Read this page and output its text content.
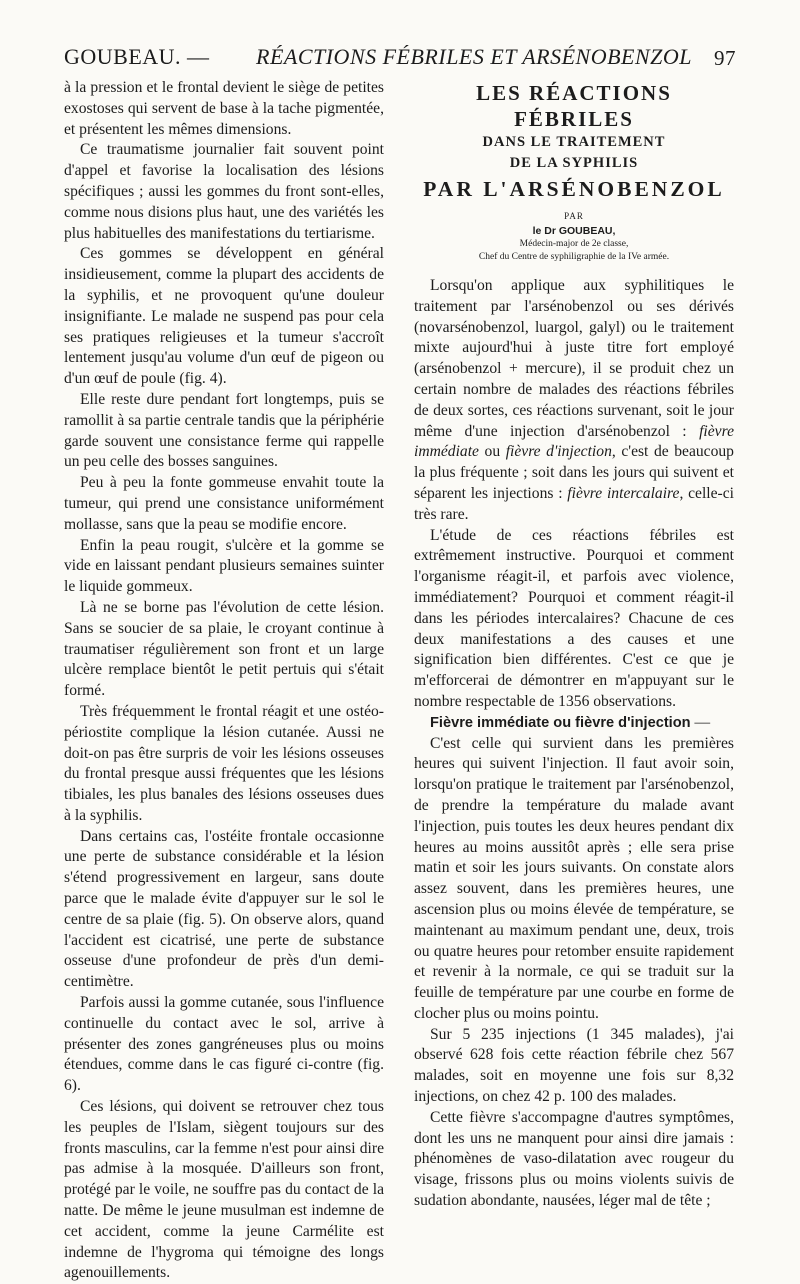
GOUBEAU. — RÉACTIONS FÉBRILES ET ARSÉNOBENZOL 97

à la pression et le frontal devient le siège de petites exostoses qui servent de base à la tache pigmentée, et présentent les mêmes dimensions.

Ce traumatisme journalier fait souvent point d'appel et favorise la localisation des lésions spécifiques ; aussi les gommes du front sont-elles, comme nous disions plus haut, une des variétés les plus habituelles des manifestations du tertiarisme.

Ces gommes se développent en général insidieusement, comme la plupart des accidents de la syphilis, et ne provoquent qu'une douleur insignifiante. Le malade ne suspend pas pour cela ses pratiques religieuses et la tumeur s'accroît lentement jusqu'au volume d'un œuf de pigeon ou d'un œuf de poule (fig. 4).

Elle reste dure pendant fort longtemps, puis se ramollit à sa partie centrale tandis que la périphérie garde souvent une consistance ferme qui rappelle un peu celle des bosses sanguines.

Peu à peu la fonte gommeuse envahit toute la tumeur, qui prend une consistance uniformément mollasse, sans que la peau se modifie encore.

Enfin la peau rougit, s'ulcère et la gomme se vide en laissant pendant plusieurs semaines suinter le liquide gommeux.

Là ne se borne pas l'évolution de cette lésion. Sans se soucier de sa plaie, le croyant continue à traumatiser régulièrement son front et un large ulcère remplace bientôt le petit pertuis qui s'était formé.

Très fréquemment le frontal réagit et une ostéo-périostite complique la lésion cutanée. Aussi ne doit-on pas être surpris de voir les lésions osseuses du frontal presque aussi fréquentes que les lésions tibiales, les plus banales des lésions osseuses dues à la syphilis.

Dans certains cas, l'ostéite frontale occasionne une perte de substance considérable et la lésion s'étend progressivement en largeur, sans doute parce que le malade évite d'appuyer sur le sol le centre de sa plaie (fig. 5). On observe alors, quand l'accident est cicatrisé, une perte de substance osseuse d'une profondeur de près d'un demi-centimètre.

Parfois aussi la gomme cutanée, sous l'influence continuelle du contact avec le sol, arrive à présenter des zones gangréneuses plus ou moins étendues, comme dans le cas figuré ci-contre (fig. 6).

Ces lésions, qui doivent se retrouver chez tous les peuples de l'Islam, siègent toujours sur des fronts masculins, car la femme n'est pour ainsi dire pas admise à la mosquée. D'ailleurs son front, protégé par le voile, ne souffre pas du contact de la natte. De même le jeune musulman est indemne de cet accident, comme la jeune Carmélite est indemne de l'hygroma qui témoigne des longs agenouillements.

LES RÉACTIONS FÉBRILES
DANS LE TRAITEMENT
DE LA SYPHILIS
PAR L'ARSÉNOBENZOL
PAR
le Dr GOUBEAU,
Médecin-major de 2e classe,
Chef du Centre de syphiligraphie de la IVe armée.

Lorsqu'on applique aux syphilitiques le traitement par l'arsénobenzol ou ses dérivés (novarsénobenzol, luargol, galyl) ou le traitement mixte aujourd'hui à juste titre fort employé (arsénobenzol + mercure), il se produit chez un certain nombre de malades des réactions fébriles de deux sortes, ces réactions survenant, soit le jour même d'une injection d'arsénobenzol : fièvre immédiate ou fièvre d'injection, c'est de beaucoup la plus fréquente ; soit dans les jours qui suivent et séparent les injections : fièvre intercalaire, celle-ci très rare.

L'étude de ces réactions fébriles est extrêmement instructive. Pourquoi et comment l'organisme réagit-il, et parfois avec violence, immédiatement? Pourquoi et comment réagit-il dans les périodes intercalaires? Chacune de ces deux manifestations a des causes et une signification bien différentes. C'est ce que je m'efforcerai de démontrer en m'appuyant sur le nombre respectable de 1356 observations.

Fièvre immédiate ou fièvre d'injection —

C'est celle qui survient dans les premières heures qui suivent l'injection. Il faut avoir soin, lorsqu'on pratique le traitement par l'arsénobenzol, de prendre la température du malade avant l'injection, puis toutes les deux heures pendant dix heures au moins aussitôt après ; elle sera prise matin et soir les jours suivants. On constate alors assez souvent, dans les premières heures, une ascension plus ou moins élevée de température, se maintenant au maximum pendant une, deux, trois ou quatre heures pour retomber ensuite rapidement et revenir à la normale, ce qui se traduit sur la feuille de température par une courbe en forme de clocher plus ou moins pointu.

Sur 5 235 injections (1 345 malades), j'ai observé 628 fois cette réaction fébrile chez 567 malades, soit en moyenne une fois sur 8,32 injections, on chez 42 p. 100 des malades.

Cette fièvre s'accompagne d'autres symptômes, dont les uns ne manquent pour ainsi dire jamais : phénomènes de vaso-dilatation avec rougeur du visage, frissons plus ou moins violents suivis de sudation abondante, nausées, léger mal de tête ;
